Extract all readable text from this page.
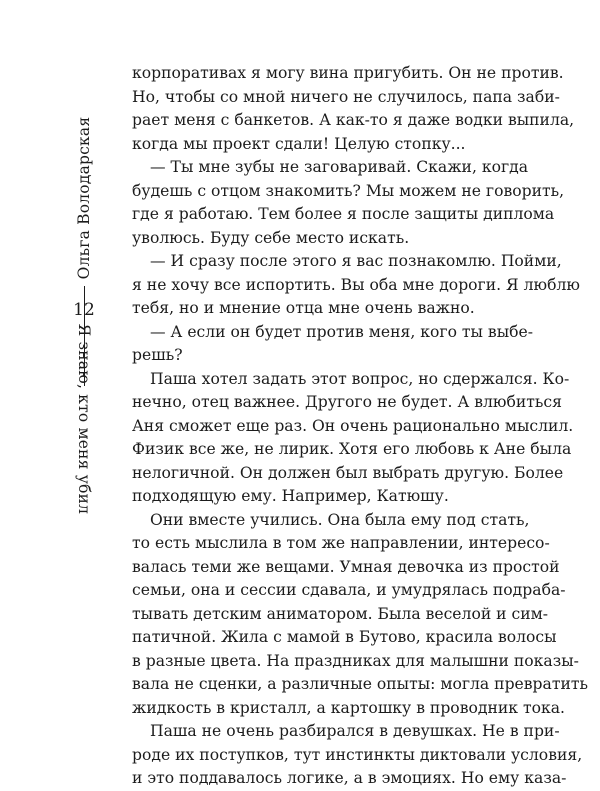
Ольга Володарская
12
Я знаю, кто меня убил
корпоративах я могу вина пригубить. Он не против.
Но, чтобы со мной ничего не случилось, папа заби-
рает меня с банкетов. А как-то я даже водки выпила,
когда мы проект сдали! Целую стопку...
— Ты мне зубы не заговаривай. Скажи, когда
будешь с отцом знакомить? Мы можем не говорить,
где я работаю. Тем более я после защиты диплома
уволюсь. Буду себе место искать.
— И сразу после этого я вас познакомлю. Пойми,
я не хочу все испортить. Вы оба мне дороги. Я люблю
тебя, но и мнение отца мне очень важно.
— А если он будет против меня, кого ты выбе-
решь?
Паша хотел задать этот вопрос, но сдержался. Ко-
нечно, отец важнее. Другого не будет. А влюбиться
Аня сможет еще раз. Он очень рационально мыслил.
Физик все же, не лирик. Хотя его любовь к Ане была
нелогичной. Он должен был выбрать другую. Более
подходящую ему. Например, Катюшу.
Они вместе учились. Она была ему под стать,
то есть мыслила в том же направлении, интересо-
валась теми же вещами. Умная девочка из простой
семьи, она и сессии сдавала, и умудрялась подраба-
тывать детским аниматором. Была веселой и сим-
патичной. Жила с мамой в Бутово, красила волосы
в разные цвета. На праздниках для малышни показы-
вала не сценки, а различные опыты: могла превратить
жидкость в кристалл, а картошку в проводник тока.
Паша не очень разбирался в девушках. Не в при-
роде их поступков, тут инстинкты диктовали условия,
и это поддавалось логике, а в эмоциях. Но ему каза-
